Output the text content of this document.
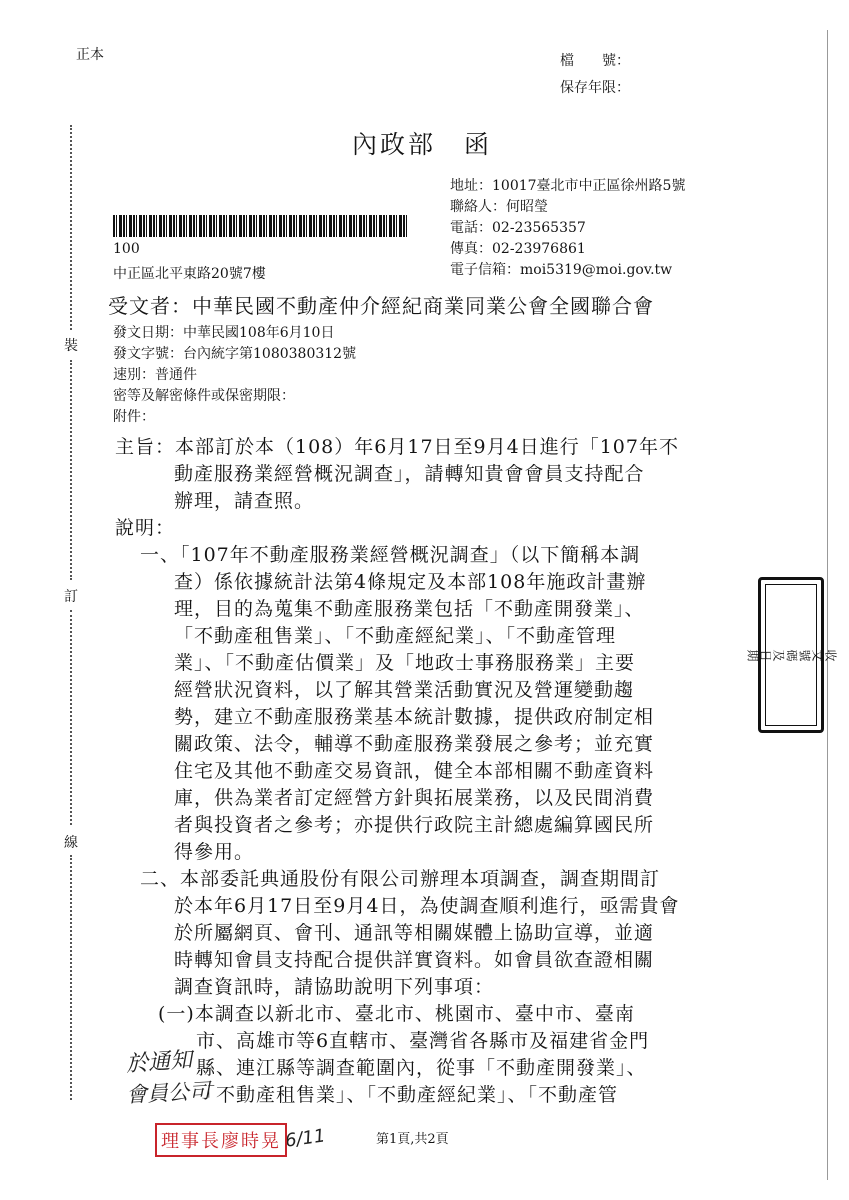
正本	檔　　號：
保存年限：
裝
訂
線
內政部　函
地址：10017臺北市中正區徐州路5號
聯絡人：何昭瑩
電話：02-23565357
傳真：02-23976861
電子信箱：moi5319@moi.gov.tw
100
中正區北平東路20號7樓
受文者：中華民國不動產仲介經紀商業同業公會全國聯合會
發文日期：中華民國108年6月10日
發文字號：台內統字第1080380312號
速別：普通件
密等及解密條件或保密期限：
附件：
主旨：本部訂於本（108）年6月17日至9月4日進行「107年不
動產服務業經營概況調查」，請轉知貴會會員支持配合
辦理，請查照。
說明：
一、「107年不動產服務業經營概況調查」（以下簡稱本調
查）係依據統計法第4條規定及本部108年施政計畫辦
理，目的為蒐集不動產服務業包括「不動產開發業」、
「不動產租售業」、「不動產經紀業」、「不動產管理
業」、「不動產估價業」及「地政士事務服務業」主要
經營狀況資料，以了解其營業活動實況及營運變動趨
勢，建立不動產服務業基本統計數據，提供政府制定相
關政策、法令，輔導不動產服務業發展之參考；並充實
住宅及其他不動產交易資訊，健全本部相關不動產資料
庫，供為業者訂定經營方針與拓展業務，以及民間消費
者與投資者之參考；亦提供行政院主計總處編算國民所
得參用。
二、本部委託典通股份有限公司辦理本項調查，調查期間訂
於本年6月17日至9月4日，為使調查順利進行，亟需貴會
於所屬網頁、會刊、通訊等相關媒體上協助宣導，並適
時轉知會員支持配合提供詳實資料。如會員欲查證相關
調查資訊時，請協助說明下列事項：
(一)本調查以新北市、臺北市、桃園市、臺中市、臺南
市、高雄市等6直轄市、臺灣省各縣市及福建省金門
縣、連江縣等調查範圍內，從事「不動產開發業」、
「不動產租售業」、「不動產經紀業」、「不動產管
收文號碼及日期
於通知
會員公司
6/11
理事長廖時晃	第1頁,共2頁
